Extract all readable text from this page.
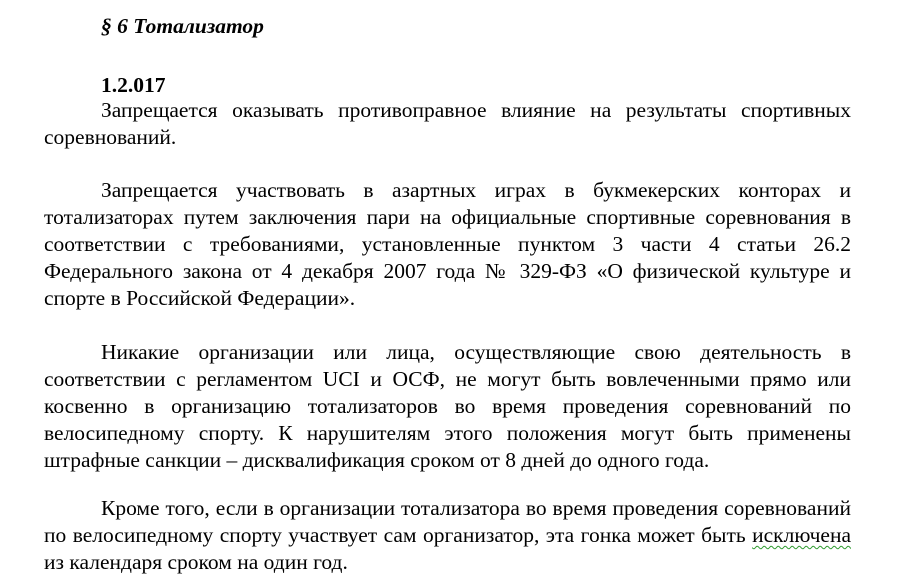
§ 6 Тотализатор
1.2.017

Запрещается оказывать противоправное влияние на результаты спортивных соревнований.

Запрещается участвовать в азартных играх в букмекерских конторах и тотализаторах путем заключения пари на официальные спортивные соревнования в соответствии с требованиями, установленные пунктом 3 части 4 статьи 26.2 Федерального закона от 4 декабря 2007 года № 329-ФЗ «О физической культуре и спорте в Российской Федерации».

Никакие организации или лица, осуществляющие свою деятельность в соответствии с регламентом UCI и ОСФ, не могут быть вовлеченными прямо или косвенно в организацию тотализаторов во время проведения соревнований по велосипедному спорту. К нарушителям этого положения могут быть применены штрафные санкции – дисквалификация сроком от 8 дней до одного года.

Кроме того, если в организации тотализатора во время проведения соревнований по велосипедному спорту участвует сам организатор, эта гонка может быть исключена из календаря сроком на один год.
